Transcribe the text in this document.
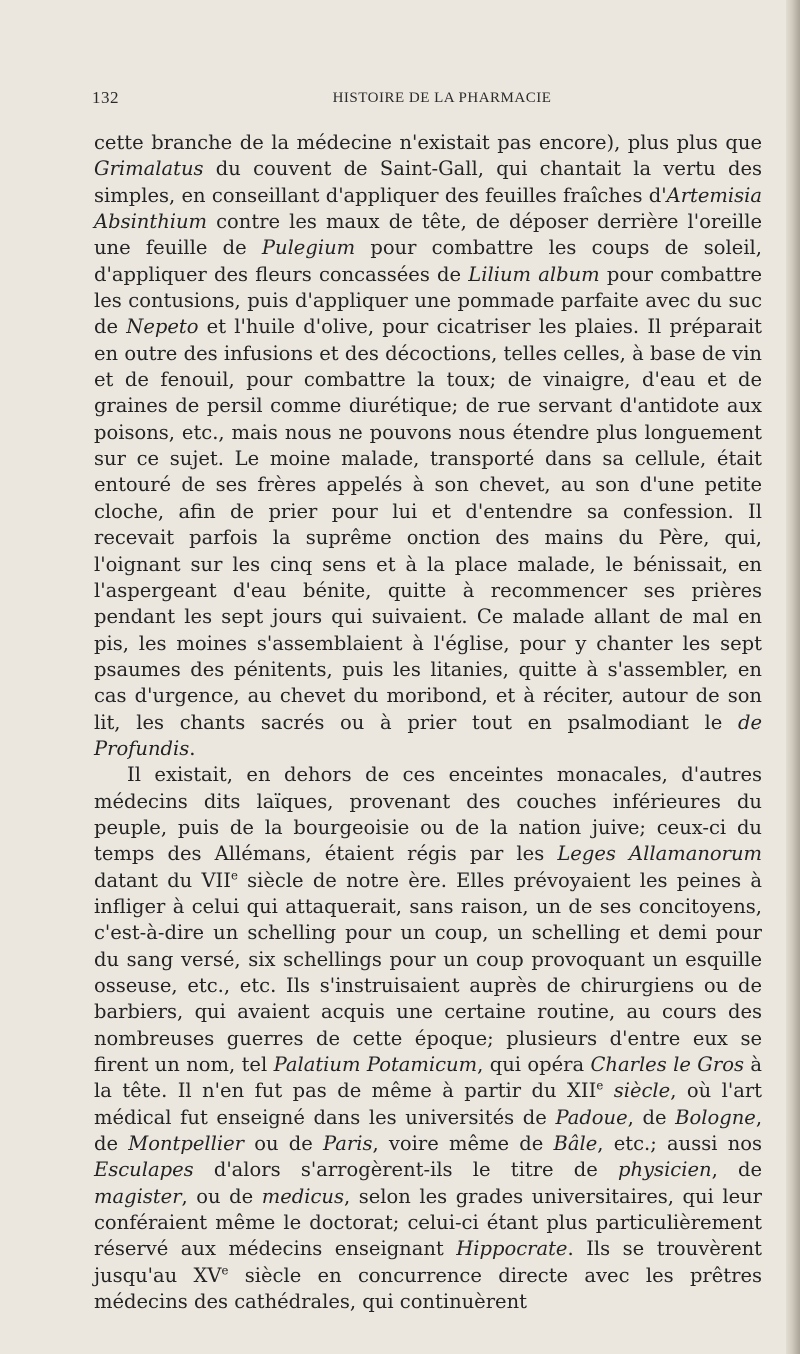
132	HISTOIRE DE LA PHARMACIE

cette branche de la médecine n'existait pas encore), plus plus que Grimalatus du couvent de Saint-Gall, qui chantait la vertu des simples, en conseillant d'appliquer des feuilles fraîches d'Artemisia Absinthium contre les maux de tête, de déposer derrière l'oreille une feuille de Pulegium pour combattre les coups de soleil, d'appliquer des fleurs concassées de Lilium album pour combattre les contusions, puis d'appliquer une pommade parfaite avec du suc de Nepeto et l'huile d'olive, pour cicatriser les plaies. Il préparait en outre des infusions et des décoctions, telles celles, à base de vin et de fenouil, pour combattre la toux; de vinaigre, d'eau et de graines de persil comme diurétique; de rue servant d'antidote aux poisons, etc., mais nous ne pouvons nous étendre plus longuement sur ce sujet. Le moine malade, transporté dans sa cellule, était entouré de ses frères appelés à son chevet, au son d'une petite cloche, afin de prier pour lui et d'entendre sa confession. Il recevait parfois la suprême onction des mains du Père, qui, l'oignant sur les cinq sens et à la place malade, le bénissait, en l'aspergeant d'eau bénite, quitte à recommencer ses prières pendant les sept jours qui suivaient. Ce malade allant de mal en pis, les moines s'assemblaient à l'église, pour y chanter les sept psaumes des pénitents, puis les litanies, quitte à s'assembler, en cas d'urgence, au chevet du moribond, et à réciter, autour de son lit, les chants sacrés ou à prier tout en psalmodiant le de Profundis.

Il existait, en dehors de ces enceintes monacales, d'autres médecins dits laïques, provenant des couches inférieures du peuple, puis de la bourgeoisie ou de la nation juive; ceux-ci du temps des Allémans, étaient régis par les Leges Allamanorum datant du VIIe siècle de notre ère. Elles prévoyaient les peines à infliger à celui qui attaquerait, sans raison, un de ses concitoyens, c'est-à-dire un schelling pour un coup, un schelling et demi pour du sang versé, six schellings pour un coup provoquant un esquille osseuse, etc., etc. Ils s'instruisaient auprès de chirurgiens ou de barbiers, qui avaient acquis une certaine routine, au cours des nombreuses guerres de cette époque; plusieurs d'entre eux se firent un nom, tel Palatium Potamicum, qui opéra Charles le Gros à la tête. Il n'en fut pas de même à partir du XIIe siècle, où l'art médical fut enseigné dans les universités de Padoue, de Bologne, de Montpellier ou de Paris, voire même de Bâle, etc.; aussi nos Esculapes d'alors s'arrogèrent-ils le titre de physicien, de magister, ou de medicus, selon les grades universitaires, qui leur conféraient même le doctorat; celui-ci étant plus particulièrement réservé aux médecins enseignant Hippocrate. Ils se trouvèrent jusqu'au XVe siècle en concurrence directe avec les prêtres médecins des cathédrales, qui continuèrent
